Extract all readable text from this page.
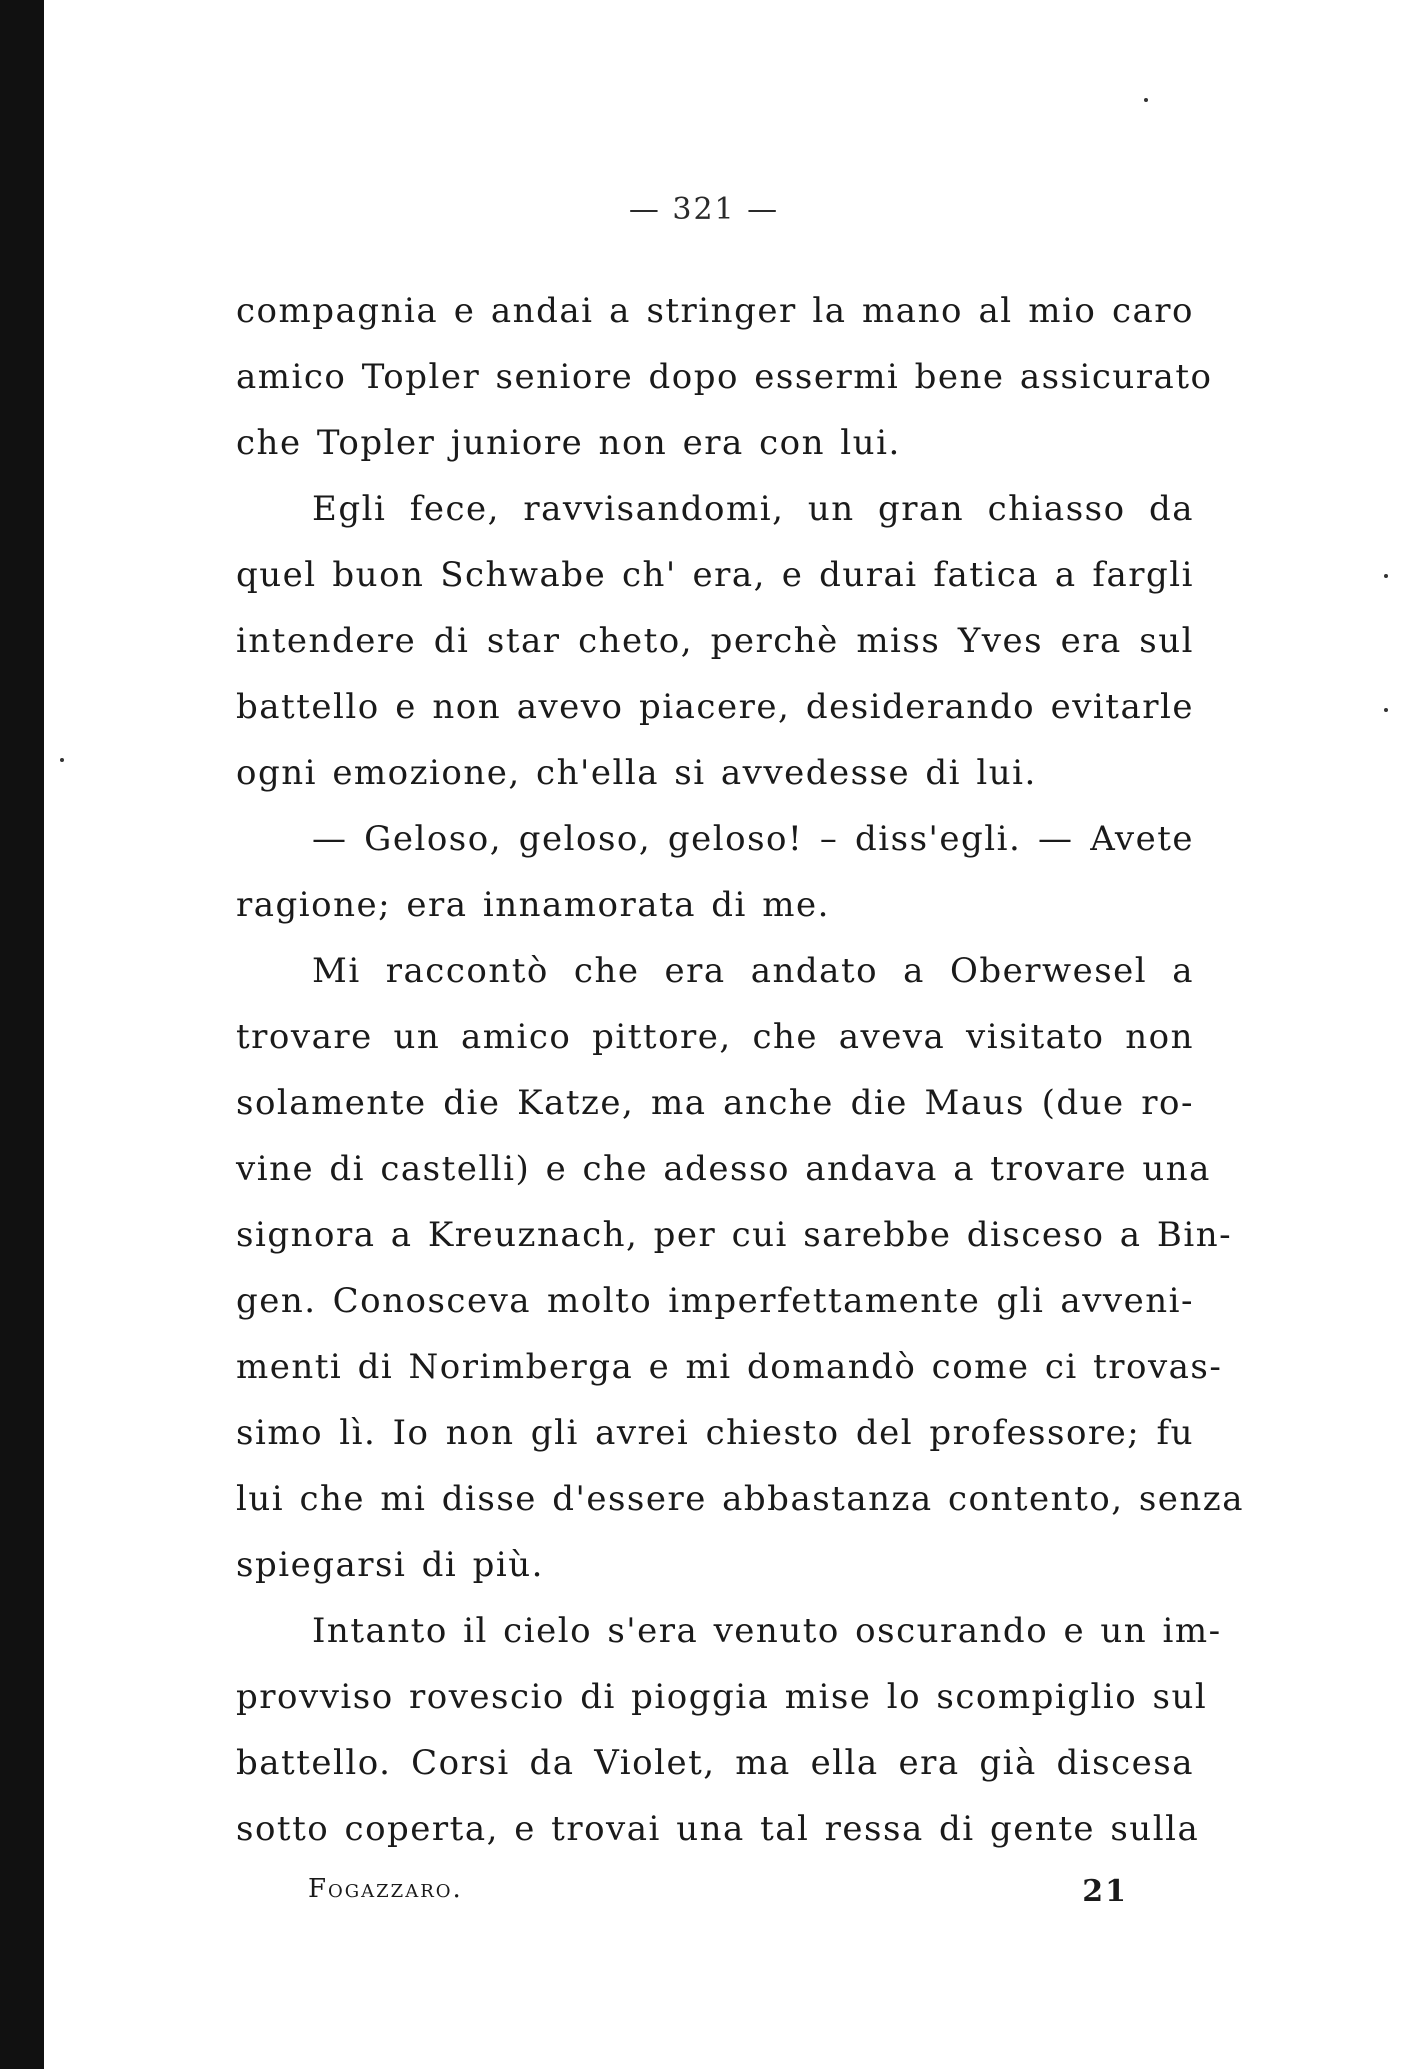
— 321 —
compagnia e andai a stringer la mano al mio caro
amico Topler seniore dopo essermi bene assicurato
che Topler juniore non era con lui.
Egli fece, ravvisandomi, un gran chiasso da
quel buon Schwabe ch' era, e durai fatica a fargli
intendere di star cheto, perchè miss Yves era sul
battello e non avevo piacere, desiderando evitarle
ogni emozione, ch'ella si avvedesse di lui.
— Geloso, geloso, geloso! – diss'egli. — Avete
ragione; era innamorata di me.
Mi raccontò che era andato a Oberwesel a
trovare un amico pittore, che aveva visitato non
solamente die Katze, ma anche die Maus (due ro-
vine di castelli) e che adesso andava a trovare una
signora a Kreuznach, per cui sarebbe disceso a Bin-
gen. Conosceva molto imperfettamente gli avveni-
menti di Norimberga e mi domandò come ci trovas-
simo lì. Io non gli avrei chiesto del professore; fu
lui che mi disse d'essere abbastanza contento, senza
spiegarsi di più.
Intanto il cielo s'era venuto oscurando e un im-
provviso rovescio di pioggia mise lo scompiglio sul
battello. Corsi da Violet, ma ella era già discesa
sotto coperta, e trovai una tal ressa di gente sulla
Fogazzaro.	21
